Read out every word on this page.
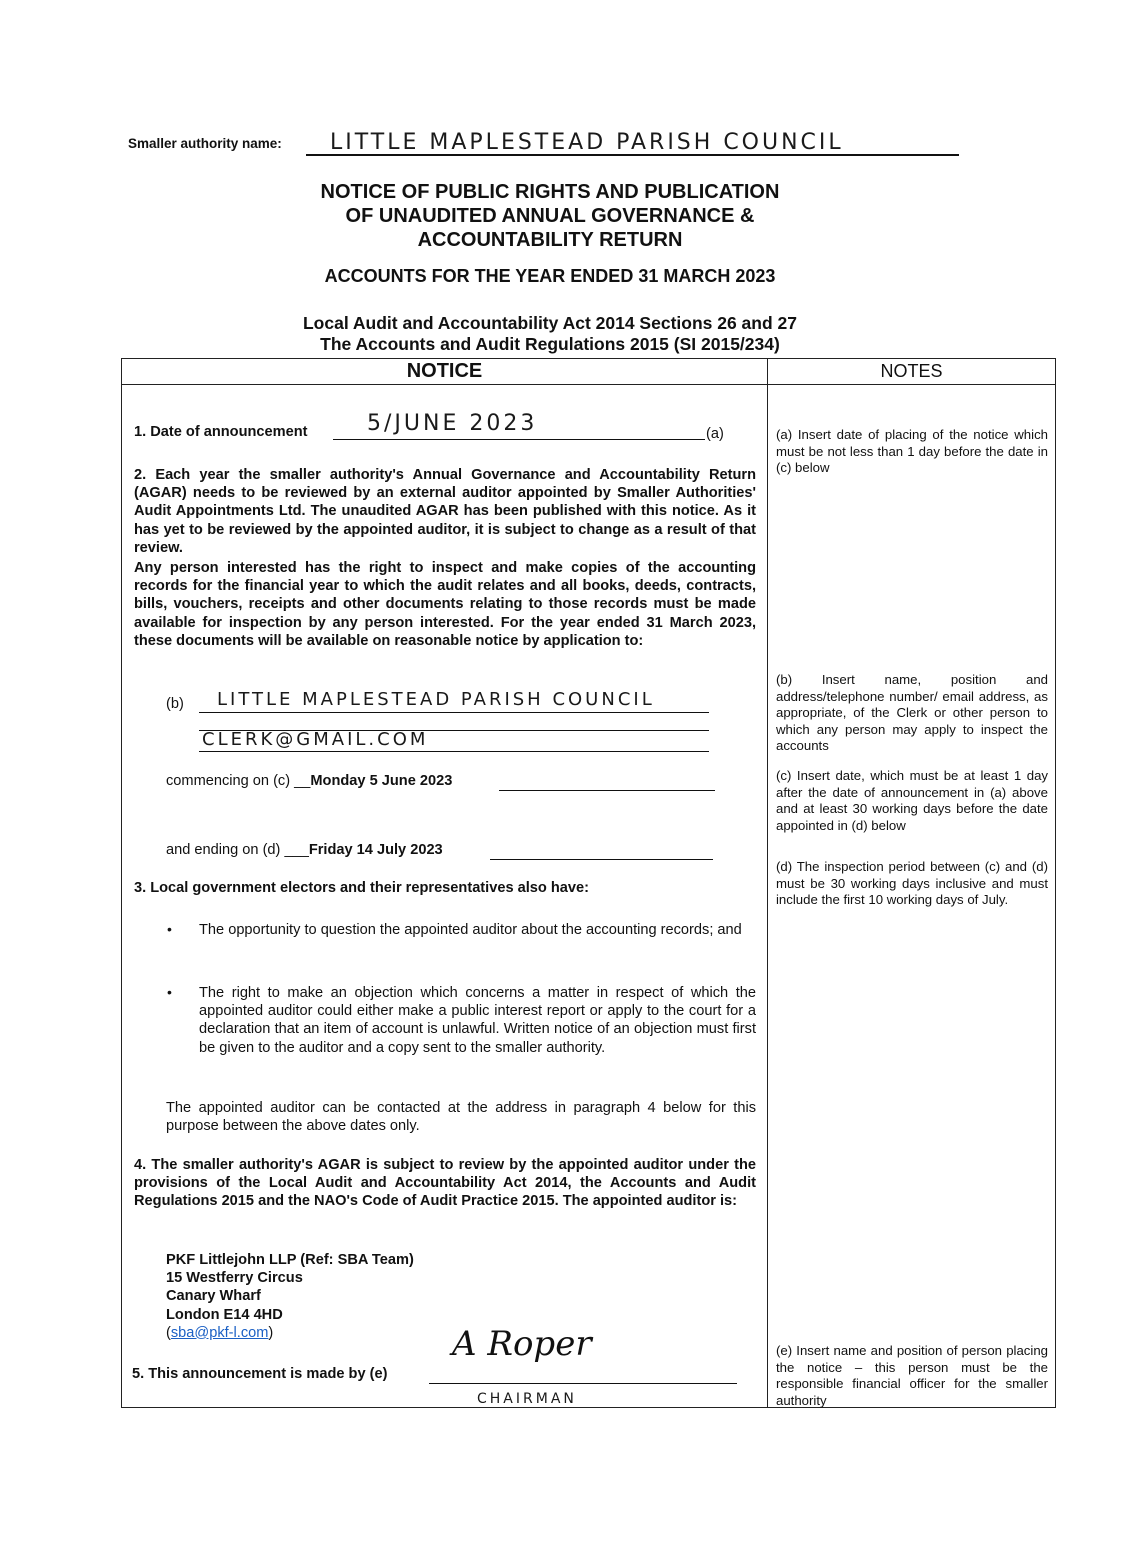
Smaller authority name: LITTLE MAPLESTEAD PARISH COUNCIL
NOTICE OF PUBLIC RIGHTS AND PUBLICATION
OF UNAUDITED ANNUAL GOVERNANCE &
ACCOUNTABILITY RETURN
ACCOUNTS FOR THE YEAR ENDED 31 MARCH 2023
Local Audit and Accountability Act 2014 Sections 26 and 27
The Accounts and Audit Regulations 2015 (SI 2015/234)
NOTICE	NOTES
1. Date of announcement	5/JUNE 2023	(a)
2. Each year the smaller authority's Annual Governance and Accountability Return (AGAR) needs to be reviewed by an external auditor appointed by Smaller Authorities' Audit Appointments Ltd. The unaudited AGAR has been published with this notice. As it has yet to be reviewed by the appointed auditor, it is subject to change as a result of that review.
Any person interested has the right to inspect and make copies of the accounting records for the financial year to which the audit relates and all books, deeds, contracts, bills, vouchers, receipts and other documents relating to those records must be made available for inspection by any person interested. For the year ended 31 March 2023, these documents will be available on reasonable notice by application to:
(b) LITTLE MAPLESTEAD PARISH COUNCIL
CLERK@GMAIL.COM
commencing on (c) __Monday 5 June 2023
and ending on (d) ___Friday 14 July 2023
3. Local government electors and their representatives also have:
• The opportunity to question the appointed auditor about the accounting records; and
• The right to make an objection which concerns a matter in respect of which the appointed auditor could either make a public interest report or apply to the court for a declaration that an item of account is unlawful. Written notice of an objection must first be given to the auditor and a copy sent to the smaller authority.
The appointed auditor can be contacted at the address in paragraph 4 below for this purpose between the above dates only.
4. The smaller authority's AGAR is subject to review by the appointed auditor under the provisions of the Local Audit and Accountability Act 2014, the Accounts and Audit Regulations 2015 and the NAO's Code of Audit Practice 2015. The appointed auditor is:
PKF Littlejohn LLP (Ref: SBA Team)
15 Westferry Circus
Canary Wharf
London E14 4HD
(sba@pkf-l.com)
5. This announcement is made by (e)
A Roper
CHAIRMAN
(a) Insert date of placing of the notice which must be not less than 1 day before the date in (c) below
(b) Insert name, position and address/telephone number/ email address, as appropriate, of the Clerk or other person to which any person may apply to inspect the accounts
(c) Insert date, which must be at least 1 day after the date of announcement in (a) above and at least 30 working days before the date appointed in (d) below
(d) The inspection period between (c) and (d) must be 30 working days inclusive and must include the first 10 working days of July.
(e) Insert name and position of person placing the notice – this person must be the responsible financial officer for the smaller authority
